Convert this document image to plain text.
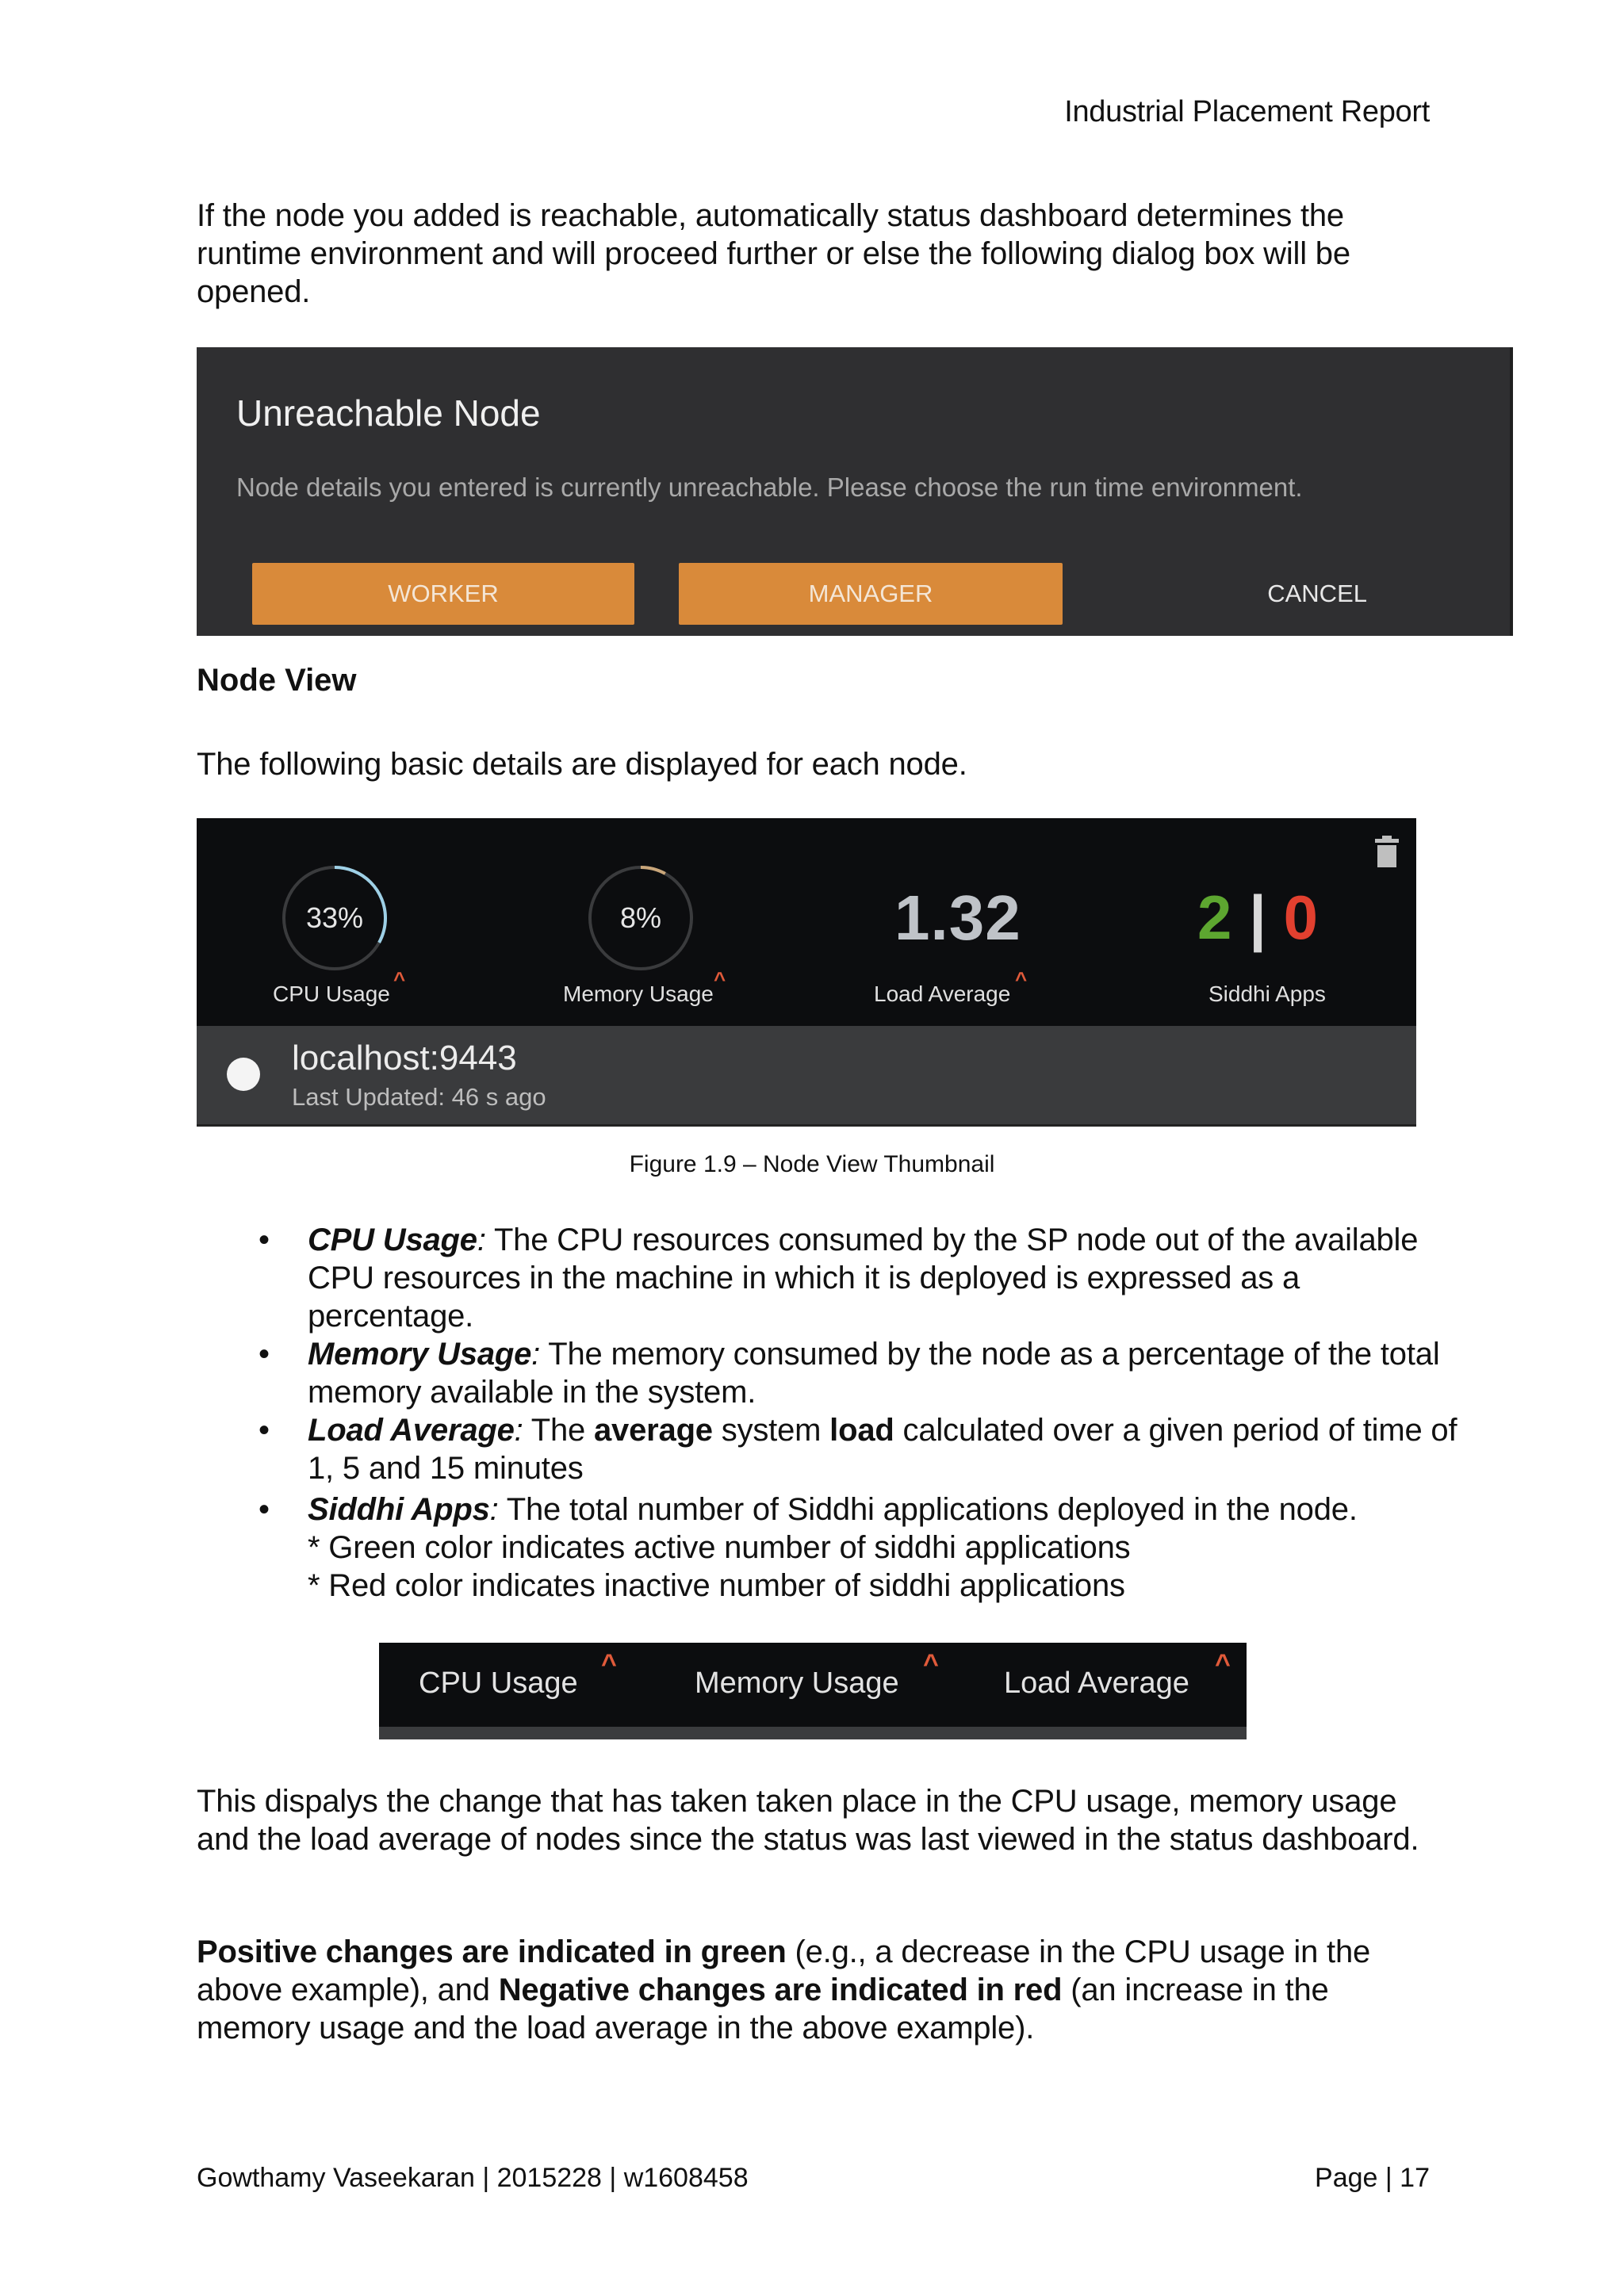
Industrial Placement Report
If the node you added is reachable, automatically status dashboard determines the runtime environment and will proceed further or else the following dialog box will be opened.
Unreachable Node
Node details you entered is currently unreachable. Please choose the run time environment.
WORKER	MANAGER	CANCEL
Node View
The following basic details are displayed for each node.
33%
CPU Usage
^
8%
Memory Usage
^
1.32
Load Average
^
2 | 0
Siddhi Apps
localhost:9443
Last Updated: 46 s ago
Figure 1.9 – Node View Thumbnail
• CPU Usage: The CPU resources consumed by the SP node out of the available CPU resources in the machine in which it is deployed is expressed as a percentage.
• Memory Usage: The memory consumed by the node as a percentage of the total memory available in the system.
• Load Average: The average system load calculated over a given period of time of 1, 5 and 15 minutes
• Siddhi Apps: The total number of Siddhi applications deployed in the node.
* Green color indicates active number of siddhi applications
* Red color indicates inactive number of siddhi applications
CPU Usage
^
Memory Usage
^
Load Average
^
This dispalys the change that has taken taken place in the CPU usage, memory usage and the load average of nodes since the status was last viewed in the status dashboard.
Positive changes are indicated in green (e.g., a decrease in the CPU usage in the above example), and Negative changes are indicated in red (an increase in the memory usage and the load average in the above example).
Gowthamy Vaseekaran | 2015228 | w1608458	Page | 17
